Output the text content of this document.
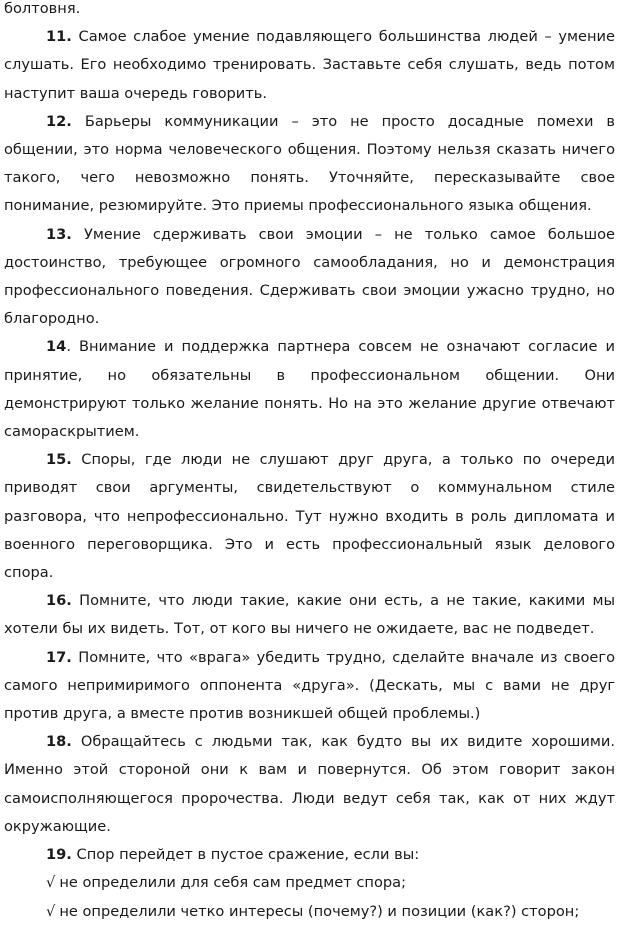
болтовня.

11. Самое слабое умение подавляющего большинства людей – умение слушать. Его необходимо тренировать. Заставьте себя слушать, ведь потом наступит ваша очередь говорить.

12. Барьеры коммуникации – это не просто досадные помехи в общении, это норма человеческого общения. Поэтому нельзя сказать ничего такого, чего невозможно понять. Уточняйте, пересказывайте свое понимание, резюмируйте. Это приемы профессионального языка общения.

13. Умение сдерживать свои эмоции – не только самое большое достоинство, требующее огромного самообладания, но и демонстрация профессионального поведения. Сдерживать свои эмоции ужасно трудно, но благородно.

14. Внимание и поддержка партнера совсем не означают согласие и принятие, но обязательны в профессиональном общении. Они демонстрируют только желание понять. Но на это желание другие отвечают самораскрытием.

15. Споры, где люди не слушают друг друга, а только по очереди приводят свои аргументы, свидетельствуют о коммунальном стиле разговора, что непрофессионально. Тут нужно входить в роль дипломата и военного переговорщика. Это и есть профессиональный язык делового спора.

16. Помните, что люди такие, какие они есть, а не такие, какими мы хотели бы их видеть. Тот, от кого вы ничего не ожидаете, вас не подведет.

17. Помните, что «врага» убедить трудно, сделайте вначале из своего самого непримиримого оппонента «друга». (Дескать, мы с вами не друг против друга, а вместе против возникшей общей проблемы.)

18. Обращайтесь с людьми так, как будто вы их видите хорошими. Именно этой стороной они к вам и повернутся. Об этом говорит закон самоисполняющегося пророчества. Люди ведут себя так, как от них ждут окружающие.

19. Спор перейдет в пустое сражение, если вы:

√ не определили для себя сам предмет спора;

√ не определили четко интересы (почему?) и позиции (как?) сторон;
